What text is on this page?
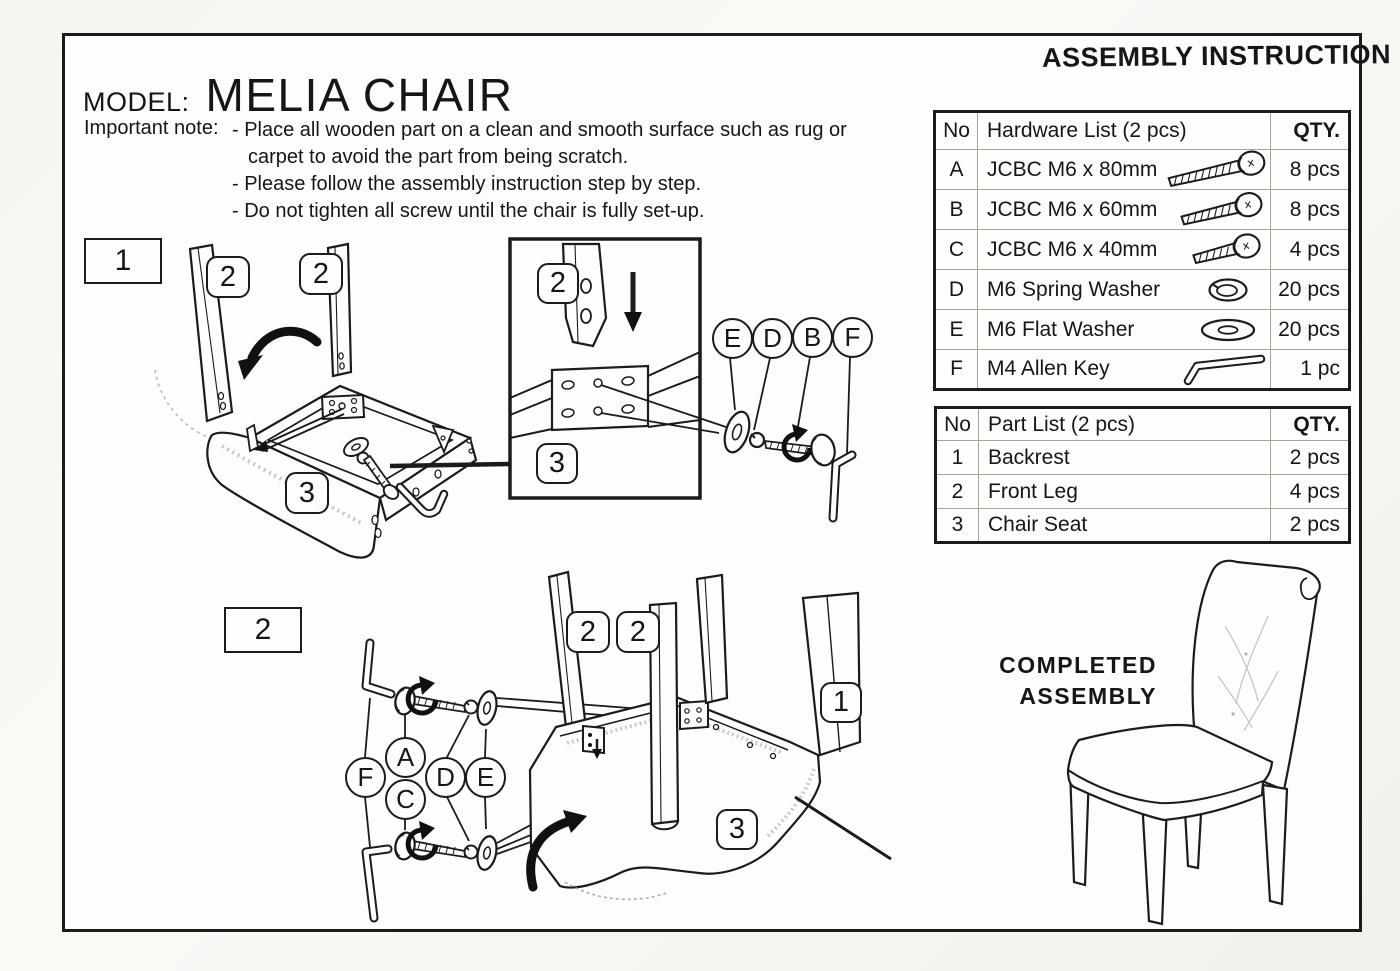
ASSEMBLY INSTRUCTION
MODEL: MELIA CHAIR
Important note: - Place all wooden part on a clean and smooth surface such as rug or carpet to avoid the part from being scratch.
- Please follow the assembly instruction step by step.
- Do not tighten all screw until the chair is fully set-up.
No	Hardware List (2 pcs)	QTY.
A	JCBC M6 x 80mm	8 pcs
B	JCBC M6 x 60mm	8 pcs
C	JCBC M6 x 40mm	4 pcs
D	M6 Spring Washer	20 pcs
E	M6 Flat Washer	20 pcs
F	M4 Allen Key	1 pc
No	Part List (2 pcs)	QTY.
1	Backrest	2 pcs
2	Front Leg	4 pcs
3	Chair Seat	2 pcs
1	2	2
3
2
3
E D B F
2
F
A
C
D E
2	2
1
3
COMPLETED
ASSEMBLY
